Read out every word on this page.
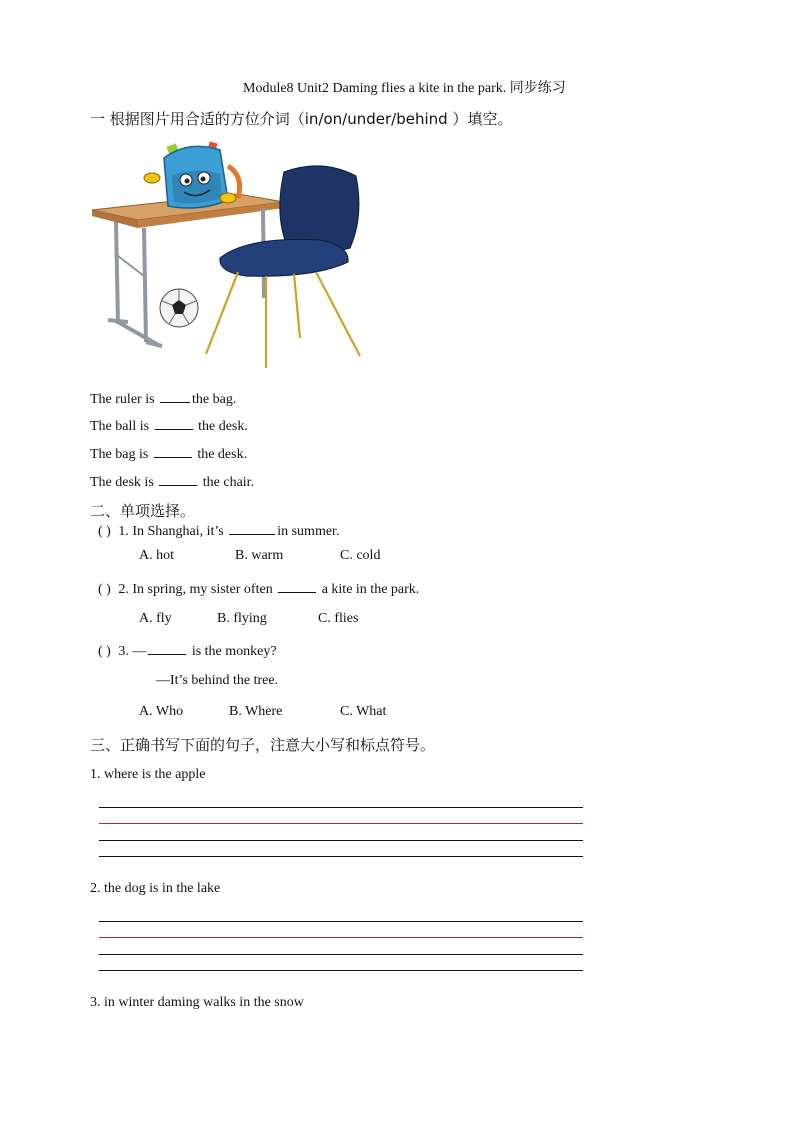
Module8 Unit2 Daming flies a kite in the park. 同步练习
一 根据图片用合适的方位介词（in/on/under/behind ）填空。
The ruler is the bag.
The ball is	the desk.
The bag is	the desk.
The desk is	the chair.
二、单项选择。
( ) 1. In Shanghai, it’s	in summer.
A. hot	B. warm	C. cold
( ) 2. In spring, my sister often	a kite in the park.
A. fly	B. flying	C. flies
( ) 3. —	is the monkey?
—It’s behind the tree.
A. Who	B. Where	C. What
三、正确书写下面的句子，注意大小写和标点符号。
1. where is the apple
2. the dog is in the lake
3. in winter daming walks in the snow
